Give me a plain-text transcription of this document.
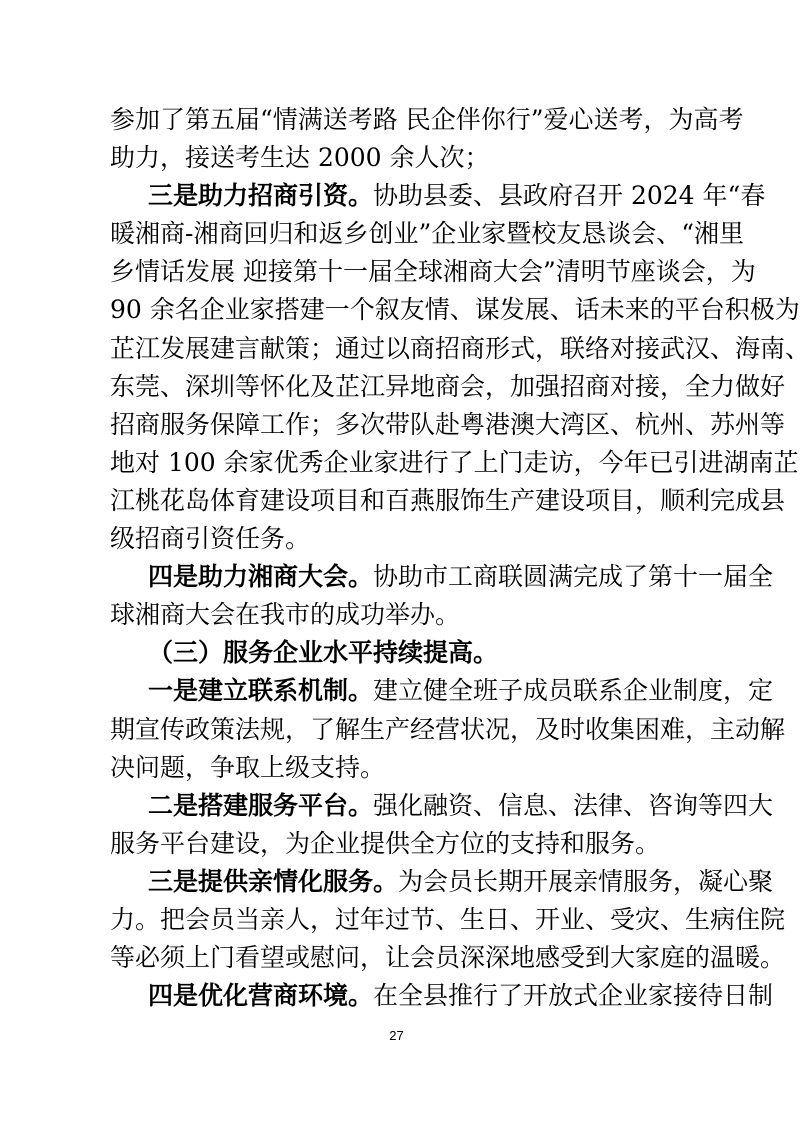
参加了第五届“情满送考路 民企伴你行”爱心送考，为高考
助力，接送考生达 2000 余人次；
三是助力招商引资。协助县委、县政府召开 2024 年“春
暖湘商-湘商回归和返乡创业”企业家暨校友恳谈会、“湘里
乡情话发展 迎接第十一届全球湘商大会”清明节座谈会，为
90 余名企业家搭建一个叙友情、谋发展、话未来的平台积极为
芷江发展建言献策；通过以商招商形式，联络对接武汉、海南、
东莞、深圳等怀化及芷江异地商会，加强招商对接，全力做好
招商服务保障工作；多次带队赴粤港澳大湾区、杭州、苏州等
地对 100 余家优秀企业家进行了上门走访，今年已引进湖南芷
江桃花岛体育建设项目和百燕服饰生产建设项目，顺利完成县
级招商引资任务。
四是助力湘商大会。协助市工商联圆满完成了第十一届全
球湘商大会在我市的成功举办。
（三）服务企业水平持续提高。
一是建立联系机制。建立健全班子成员联系企业制度，定
期宣传政策法规，了解生产经营状况，及时收集困难，主动解
决问题，争取上级支持。
二是搭建服务平台。强化融资、信息、法律、咨询等四大
服务平台建设，为企业提供全方位的支持和服务。
三是提供亲情化服务。为会员长期开展亲情服务，凝心聚
力。把会员当亲人，过年过节、生日、开业、受灾、生病住院
等必须上门看望或慰问，让会员深深地感受到大家庭的温暖。
四是优化营商环境。在全县推行了开放式企业家接待日制
27
